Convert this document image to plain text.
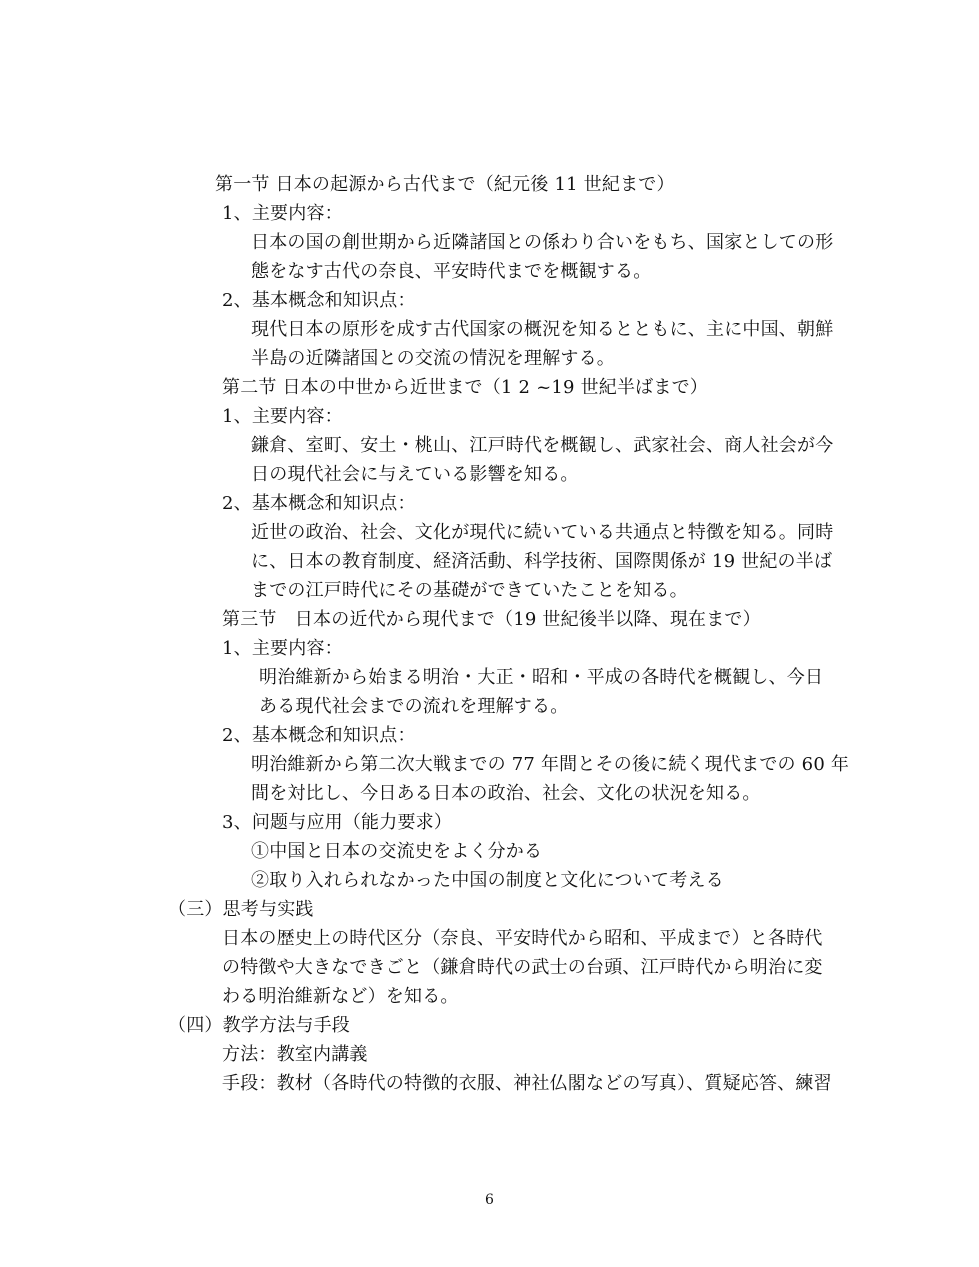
第一节 日本の起源から古代まで（紀元後 11 世紀まで）
1、主要内容：
日本の国の創世期から近隣諸国との係わり合いをもち、国家としての形
態をなす古代の奈良、平安時代までを概観する。
2、基本概念和知识点：
現代日本の原形を成す古代国家の概況を知るとともに、主に中国、朝鮮
半島の近隣諸国との交流の情況を理解する。
第二节 日本の中世から近世まで（1 2 ~19 世紀半ばまで）
1、主要内容：
鎌倉、室町、安土・桃山、江戸時代を概観し、武家社会、商人社会が今
日の現代社会に与えている影響を知る。
2、基本概念和知识点：
近世の政治、社会、文化が現代に続いている共通点と特徴を知る。同時
に、日本の教育制度、経済活動、科学技術、国際関係が 19 世紀の半ば
までの江戸時代にその基礎ができていたことを知る。
第三节　日本の近代から現代まで（19 世紀後半以降、現在まで）
1、主要内容：
明治維新から始まる明治・大正・昭和・平成の各時代を概観し、今日
ある現代社会までの流れを理解する。
2、基本概念和知识点：
明治維新から第二次大戦までの 77 年間とその後に続く現代までの 60 年
間を対比し、今日ある日本の政治、社会、文化の状況を知る。
3、问题与应用（能力要求）
①中国と日本の交流史をよく分かる
②取り入れられなかった中国の制度と文化について考える
（三）思考与实践
日本の歴史上の時代区分（奈良、平安時代から昭和、平成まで）と各時代
の特徴や大きなできごと（鎌倉時代の武士の台頭、江戸時代から明治に変
わる明治維新など）を知る。
（四）教学方法与手段
方法：教室内講義
手段：教材（各時代の特徴的衣服、神社仏閣などの写真）、質疑応答、練習
6
